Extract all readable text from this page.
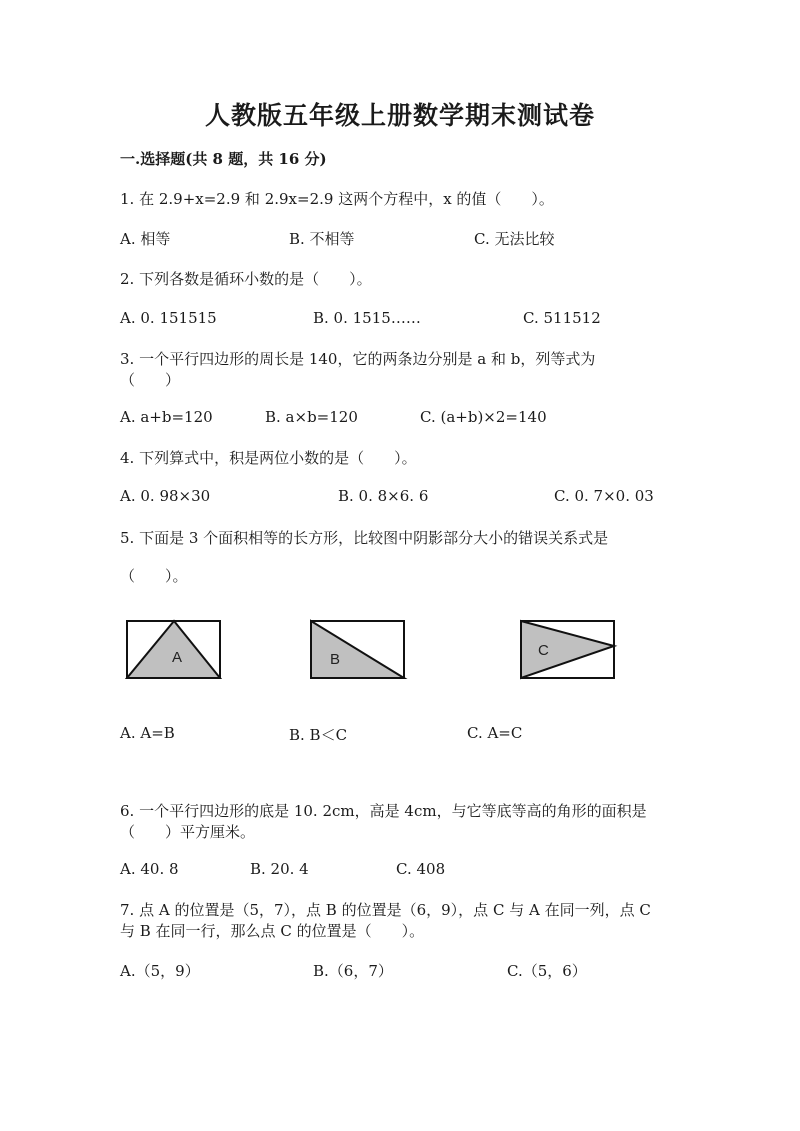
人教版五年级上册数学期末测试卷
一.选择题(共 8 题，共 16 分)
1. 在 2.9+x=2.9 和 2.9x=2.9 这两个方程中，x 的值（　　）。
A. 相等	B. 不相等	C. 无法比较
2. 下列各数是循环小数的是（　　）。
A. 0. 151515	B. 0. 1515……	C. 511512
3. 一个平行四边形的周长是 140，它的两条边分别是 a 和 b，列等式为
（　　）
A. a+b=120	B. a×b=120	C. (a+b)×2=140
4. 下列算式中，积是两位小数的是（　　）。
A. 0. 98×30	B. 0. 8×6. 6	C. 0. 7×0. 03
5. 下面是 3 个面积相等的长方形，比较图中阴影部分大小的错误关系式是
（　　）。
A	B
C
A. A=B	B. B＜C	C. A=C
6. 一个平行四边形的底是 10. 2cm，高是 4cm，与它等底等高的角形的面积是
（　　）平方厘米。
A. 40. 8	B. 20. 4	C. 408
7. 点 A 的位置是（5，7），点 B 的位置是（6，9），点 C 与 A 在同一列，点 C
与 B 在同一行，那么点 C 的位置是（　　）。
A.（5，9）	B.（6，7）	C.（5，6）
